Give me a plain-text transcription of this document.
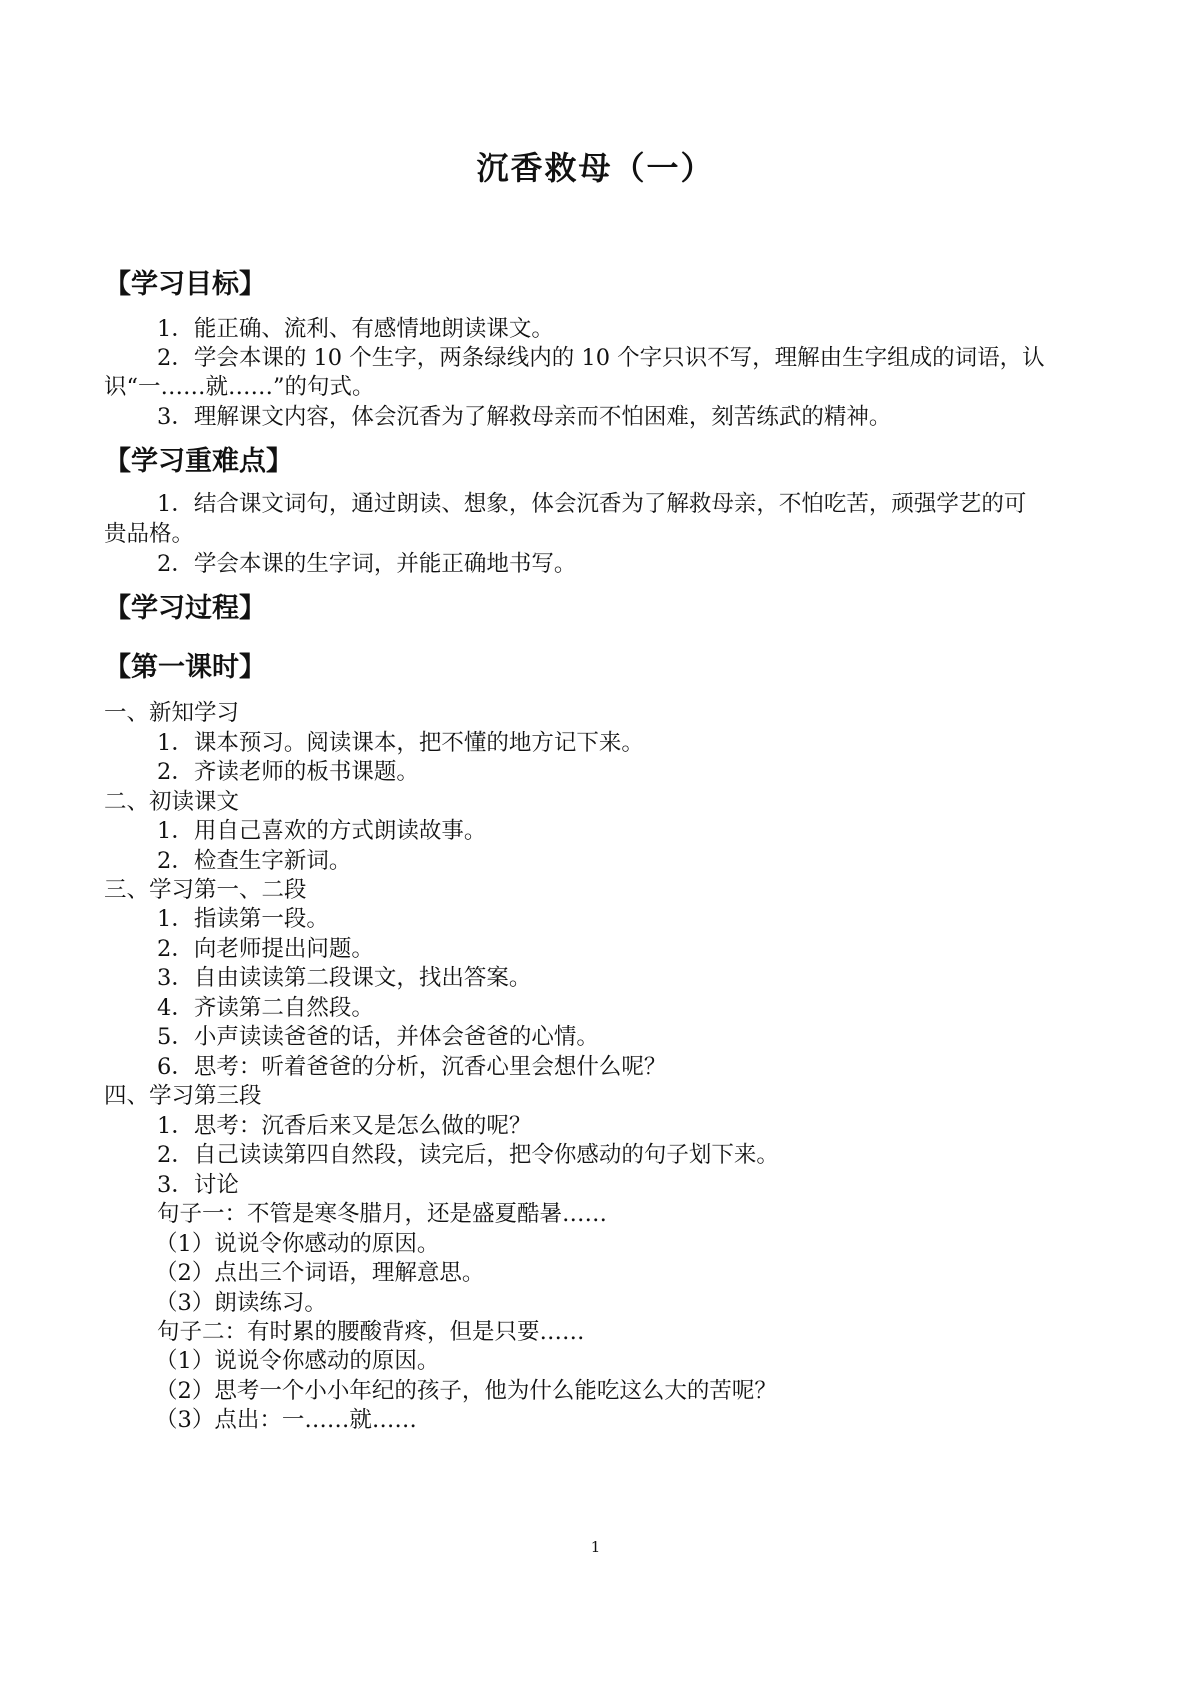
沉香救母（一）
【学习目标】
1．能正确、流利、有感情地朗读课文。
2．学会本课的 10 个生字，两条绿线内的 10 个字只识不写，理解由生字组成的词语，认
识“一……就……”的句式。
3．理解课文内容，体会沉香为了解救母亲而不怕困难，刻苦练武的精神。
【学习重难点】
1．结合课文词句，通过朗读、想象，体会沉香为了解救母亲，不怕吃苦，顽强学艺的可
贵品格。
2．学会本课的生字词，并能正确地书写。
【学习过程】
【第一课时】
一、新知学习
1．课本预习。阅读课本，把不懂的地方记下来。
2．齐读老师的板书课题。
二、初读课文
1．用自己喜欢的方式朗读故事。
2．检查生字新词。
三、学习第一、二段
1．指读第一段。
2．向老师提出问题。
3．自由读读第二段课文，找出答案。
4．齐读第二自然段。
5．小声读读爸爸的话，并体会爸爸的心情。
6．思考：听着爸爸的分析，沉香心里会想什么呢？
四、学习第三段
1．思考：沉香后来又是怎么做的呢？
2．自己读读第四自然段，读完后，把令你感动的句子划下来。
3．讨论
句子一：不管是寒冬腊月，还是盛夏酷暑……
（1）说说令你感动的原因。
（2）点出三个词语，理解意思。
（3）朗读练习。
句子二：有时累的腰酸背疼，但是只要……
（1）说说令你感动的原因。
（2）思考一个小小年纪的孩子，他为什么能吃这么大的苦呢？
（3）点出：一……就……
1
